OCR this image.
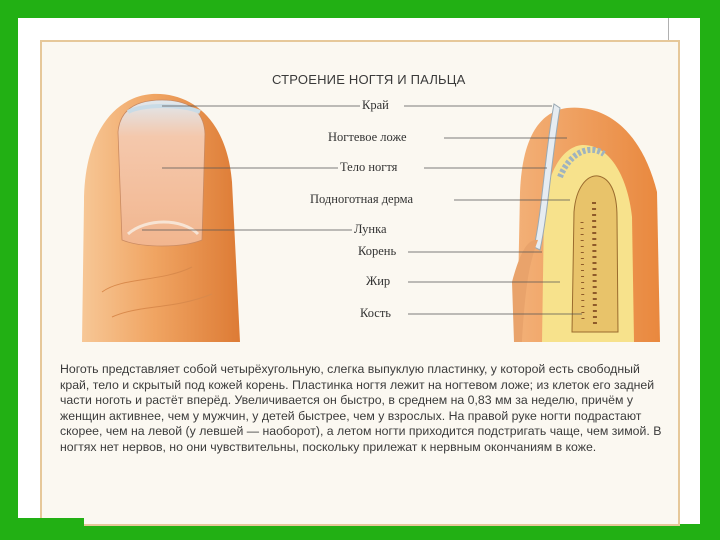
СТРОЕНИЕ НОГТЯ И ПАЛЬЦА
Край
Ногтевое ложе
Тело ногтя
Подноготная дерма
Лунка
Корень
Жир
Кость

Ноготь представляет собой четырёхугольную, слегка выпуклую пластинку, у которой есть свободный край, тело и скрытый под кожей корень. Пластинка ногтя лежит на ногтевом ложе; из клеток его задней части ноготь и растёт вперёд. Увеличивается он быстро, в среднем на 0,83 мм за неделю, причём у женщин активнее, чем у мужчин, у детей быстрее, чем у взрослых. На правой руке ногти подрастают скорее, чем на левой (у левшей — наоборот), а летом ногти приходится подстригать чаще, чем зимой. В ногтях нет нервов, но они чувствительны, поскольку прилежат к нервным окончаниям в коже.
